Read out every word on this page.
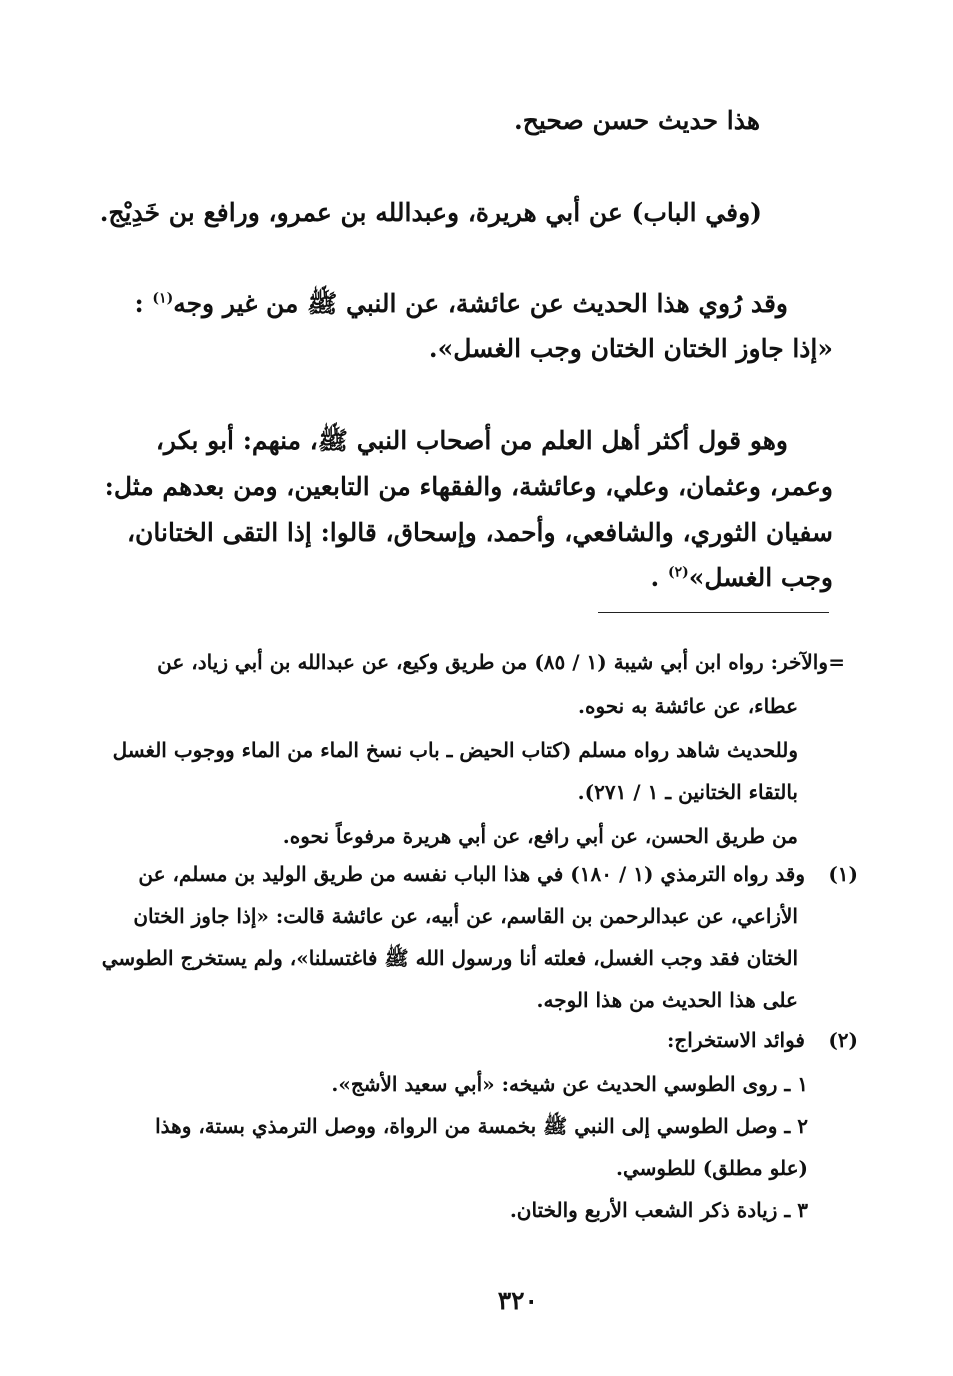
هذا حديث حسن صحيح.
(وفي الباب) عن أبي هريرة، وعبدالله بن عمرو، ورافع بن خَدِيْج.
وقد رُوي هذا الحديث عن عائشة، عن النبي ﷺ من غير وجه$^{(١)}$ :
«إذا جاوز الختان الختان وجب الغسل».
وهو قول أكثر أهل العلم من أصحاب النبي ﷺ، منهم: أبو بكر،
وعمر، وعثمان، وعلي، وعائشة، والفقهاء من التابعين، ومن بعدهم مثل:
سفيان الثوري، والشافعي، وأحمد، وإسحاق، قالوا: إذا التقى الختانان،
وجب الغسل»$^{(٢)}$ .
=
والآخر: رواه ابن أبي شيبة (١ / ٨٥) من طريق وكيع، عن عبدالله بن أبي زياد، عن
عطاء، عن عائشة به نحوه.
وللحديث شاهد رواه مسلم (كتاب الحيض ـ باب نسخ الماء من الماء ووجوب الغسل
بالتقاء الختانين ـ ١ / ٢٧١).
من طريق الحسن، عن أبي رافع، عن أبي هريرة مرفوعاً نحوه.
(١)
وقد رواه الترمذي (١ / ١٨٠) في هذا الباب نفسه من طريق الوليد بن مسلم، عن
الأزاعي، عن عبدالرحمن بن القاسم، عن أبيه، عن عائشة قالت: «إذا جاوز الختان
الختان فقد وجب الغسل، فعلته أنا ورسول الله ﷺ فاغتسلنا»، ولم يستخرج الطوسي
على هذا الحديث من هذا الوجه.
(٢)
فوائد الاستخراج:
١ ـ روى الطوسي الحديث عن شيخه: «أبي سعيد الأشج».
٢ ـ وصل الطوسي إلى النبي ﷺ بخمسة من الرواة، ووصل الترمذي بستة، وهذا
(علو مطلق) للطوسي.
٣ ـ زيادة ذكر الشعب الأربع والختان.
٣٢٠
